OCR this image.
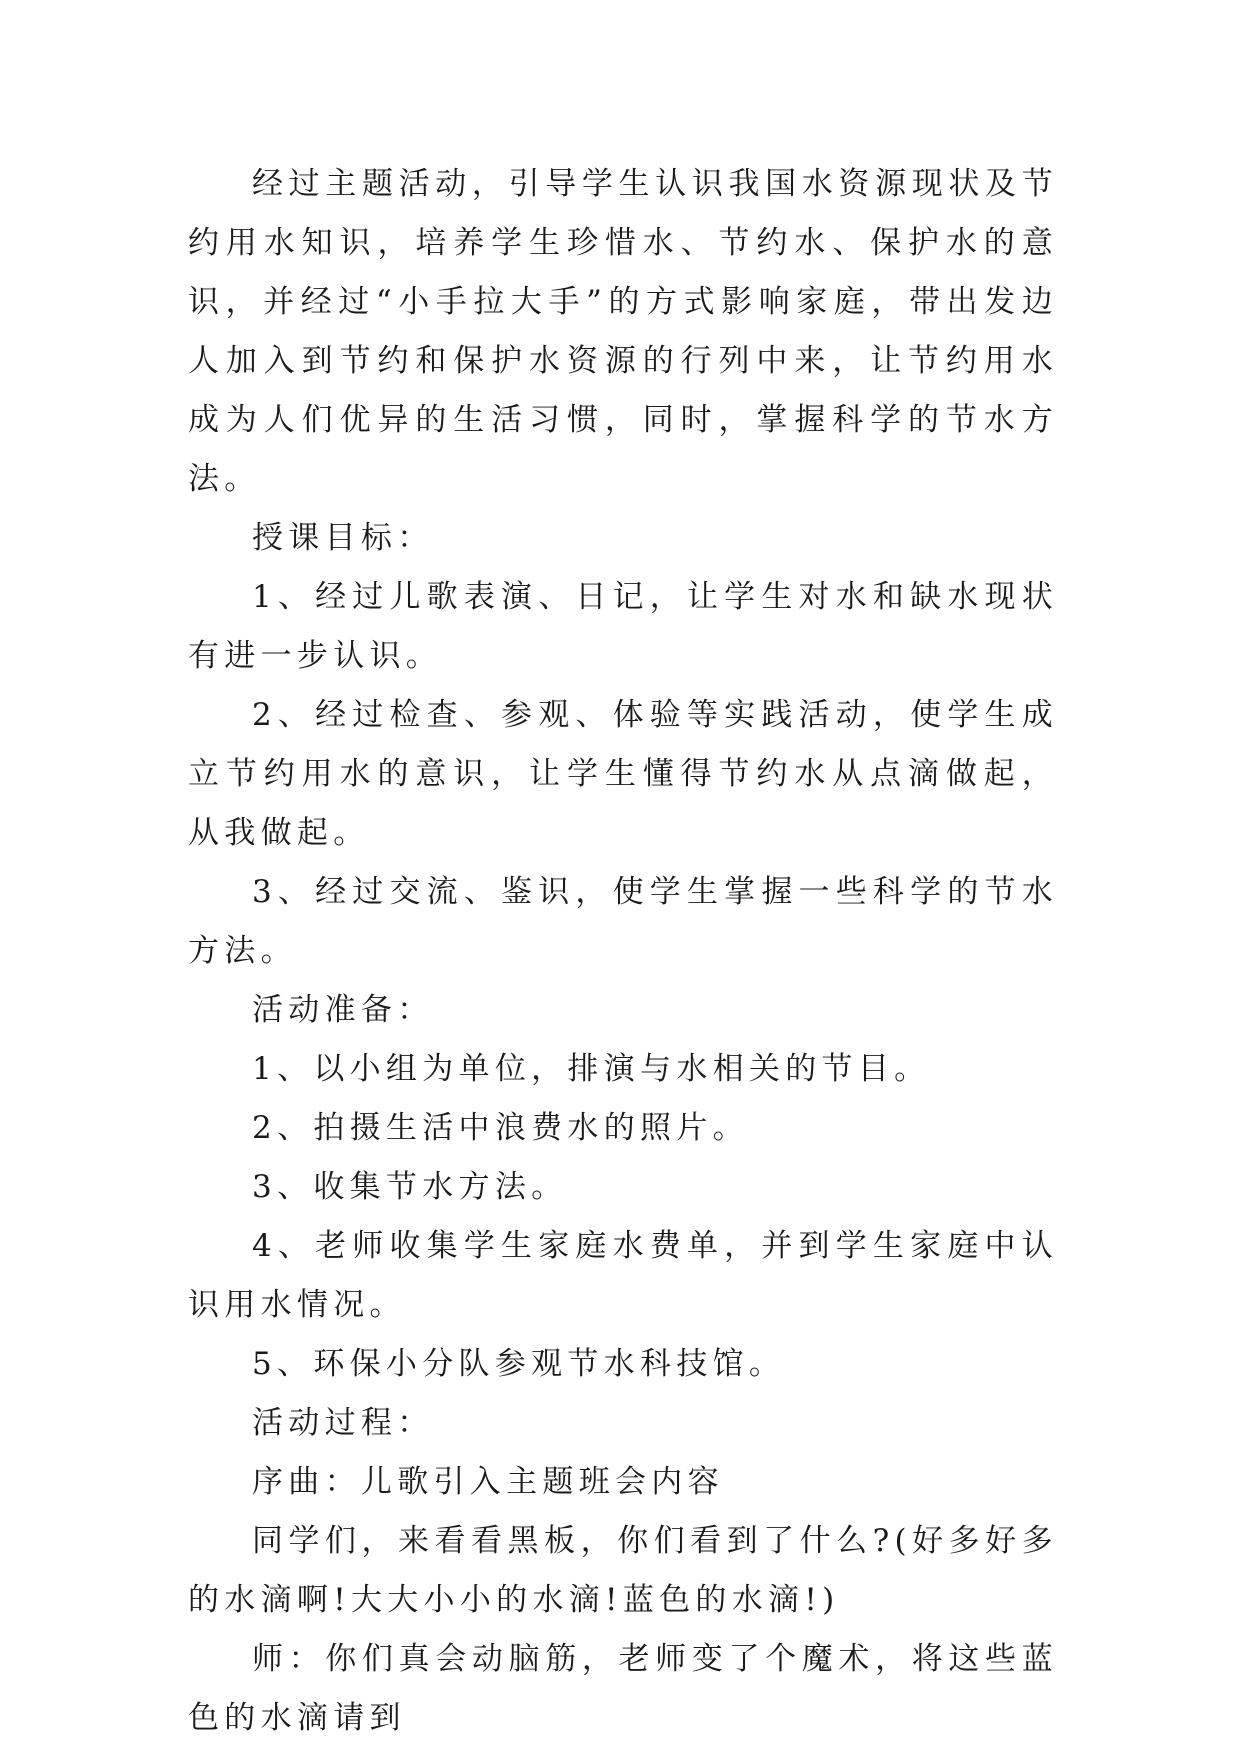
经过主题活动，引导学生认识我国水资源现状及节约用水知识，培养学生珍惜水、节约水、保护水的意识，并经过“小手拉大手”的方式影响家庭，带出发边人加入到节约和保护水资源的行列中来，让节约用水成为人们优异的生活习惯，同时，掌握科学的节水方法。

授课目标：

1、经过儿歌表演、日记，让学生对水和缺水现状有进一步认识。

2、经过检查、参观、体验等实践活动，使学生成立节约用水的意识，让学生懂得节约水从点滴做起，从我做起。

3、经过交流、鉴识，使学生掌握一些科学的节水方法。

活动准备：

1、以小组为单位，排演与水相关的节目。

2、拍摄生活中浪费水的照片。

3、收集节水方法。

4、老师收集学生家庭水费单，并到学生家庭中认识用水情况。

5、环保小分队参观节水科技馆。

活动过程：

序曲：儿歌引入主题班会内容

同学们，来看看黑板，你们看到了什么?(好多好多的水滴啊!大大小小的水滴!蓝色的水滴!)

师：你们真会动脑筋，老师变了个魔术，将这些蓝色的水滴请到
